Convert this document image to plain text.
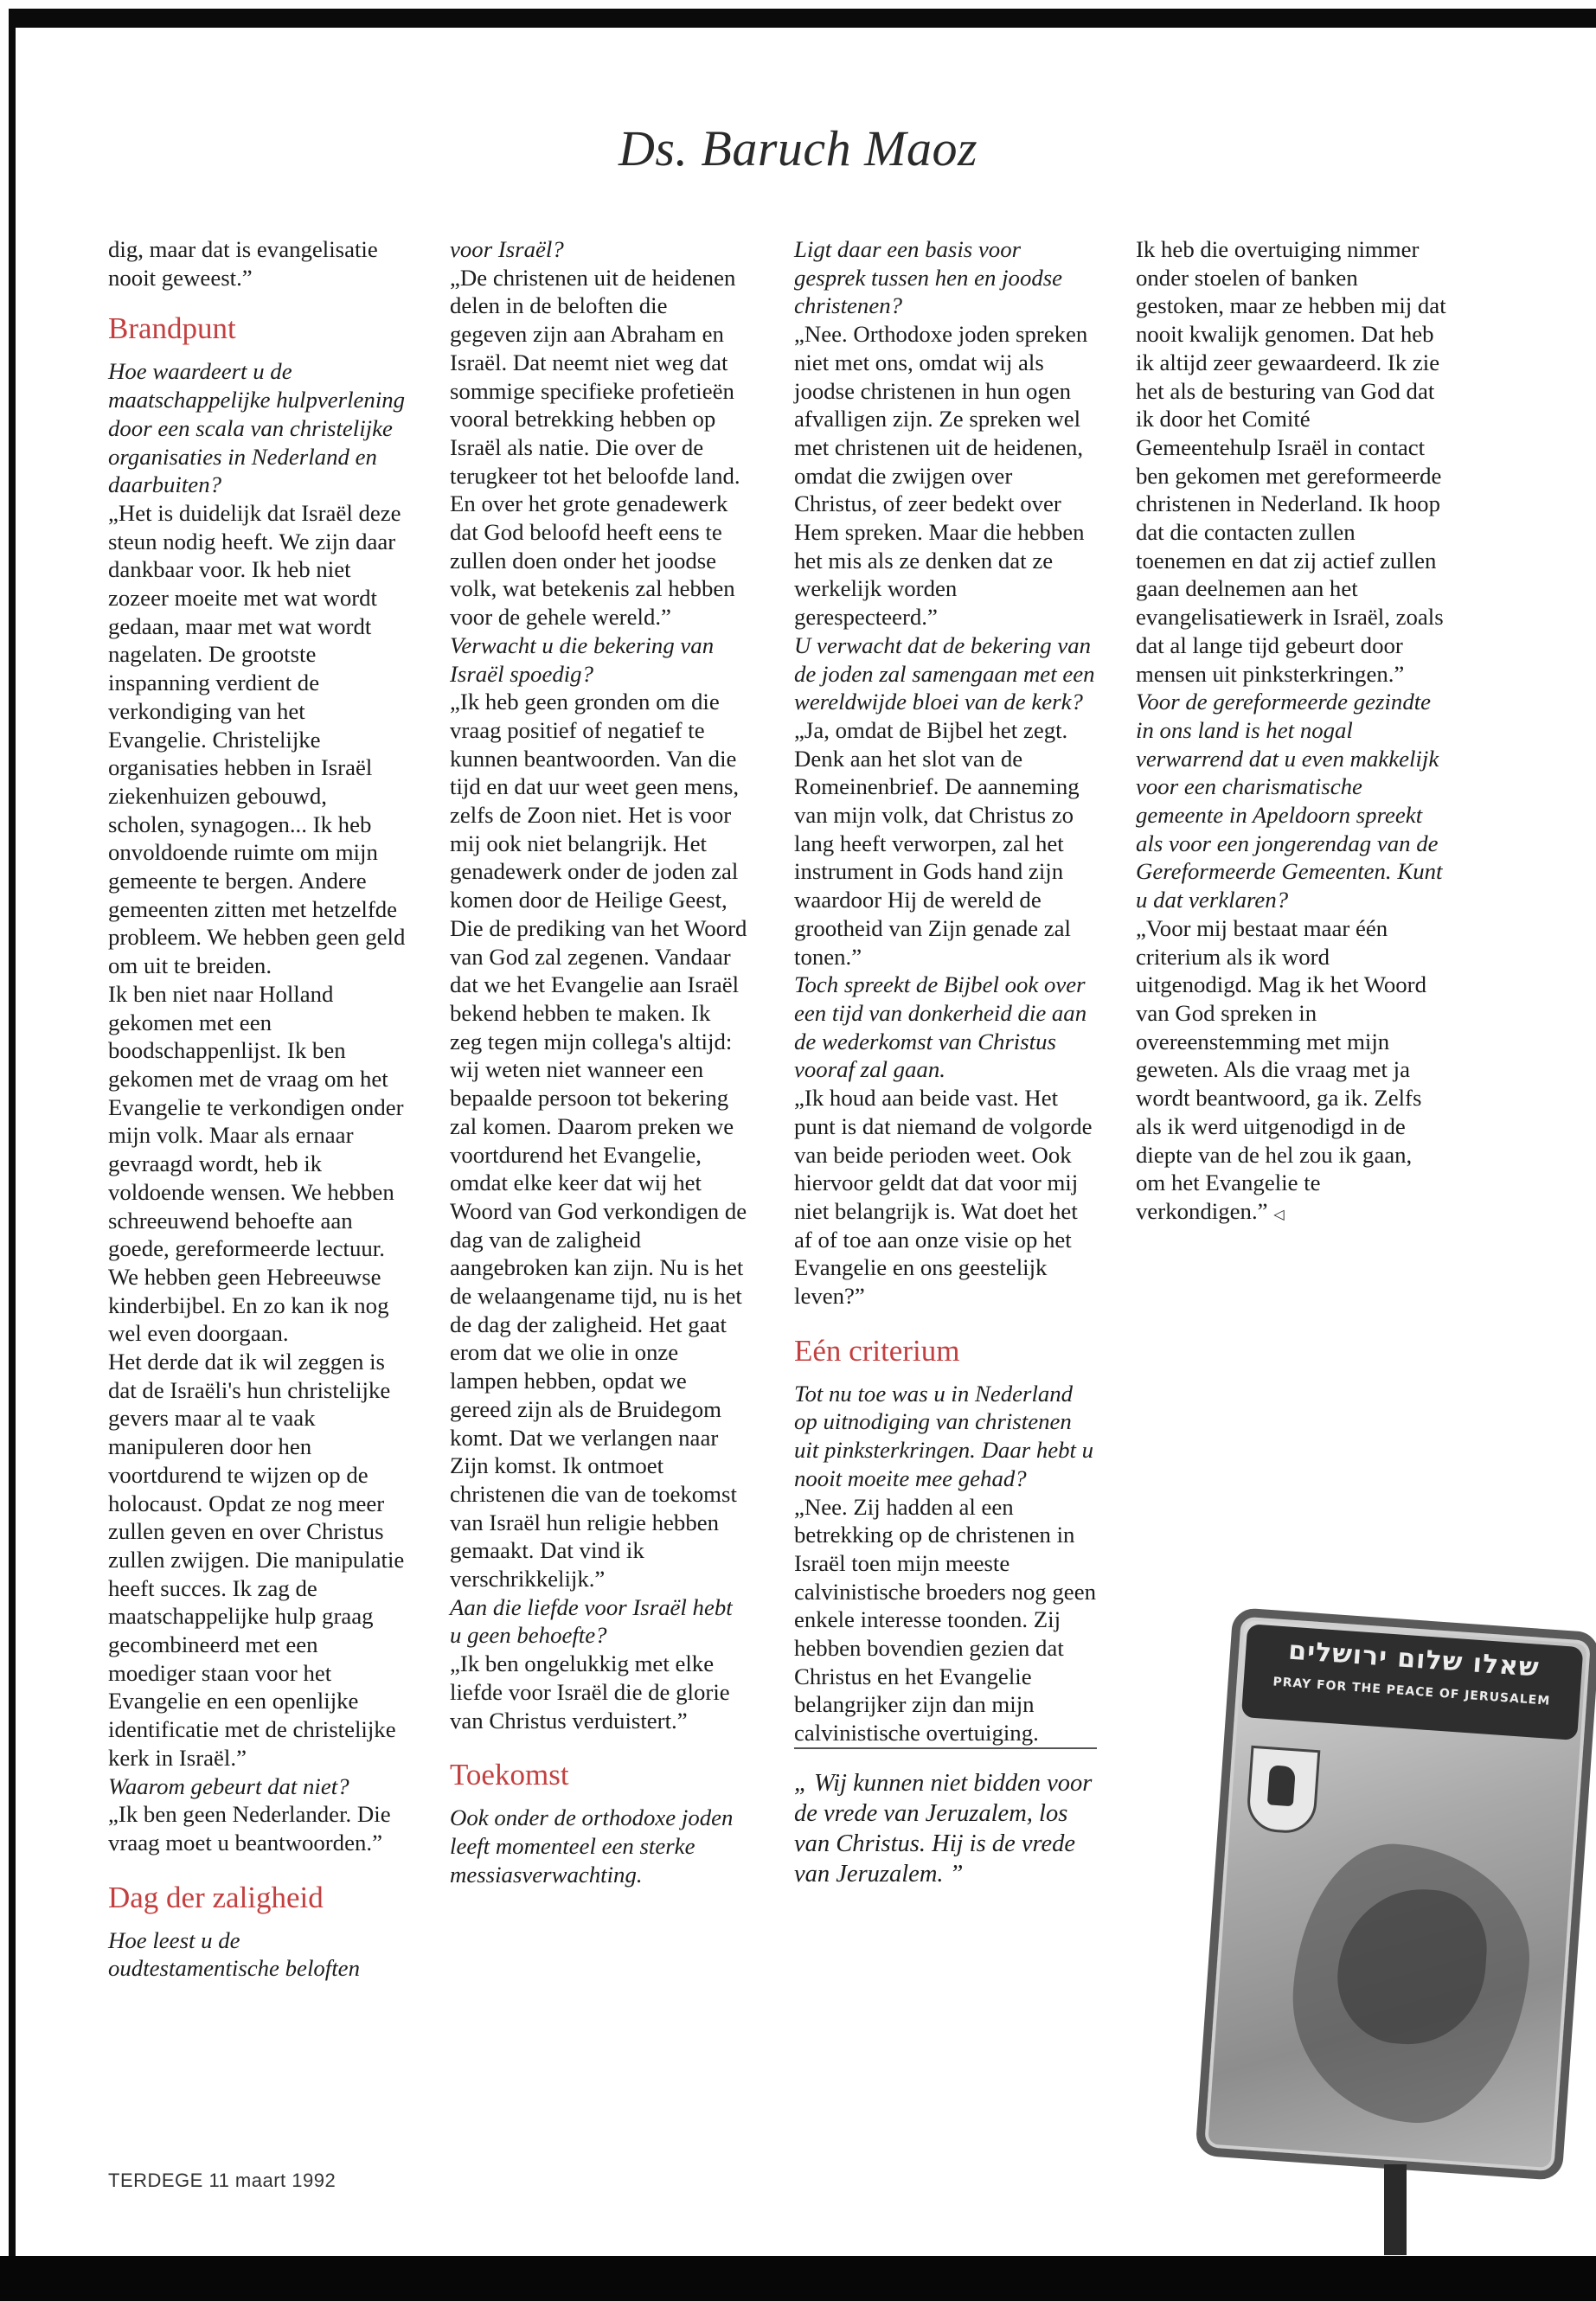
Ds. Baruch Maoz

dig, maar dat is evangelisatie nooit geweest.”

Brandpunt

Hoe waardeert u de maatschappelijke hulpverlening door een scala van christelijke organisaties in Nederland en daarbuiten?

„Het is duidelijk dat Israël deze steun nodig heeft. We zijn daar dankbaar voor. Ik heb niet zozeer moeite met wat wordt gedaan, maar met wat wordt nagelaten. De grootste inspanning verdient de verkondiging van het Evangelie. Christelijke organisaties hebben in Israël ziekenhuizen gebouwd, scholen, synagogen... Ik heb onvoldoende ruimte om mijn gemeente te bergen. Andere gemeenten zitten met hetzelfde probleem. We hebben geen geld om uit te breiden.

Ik ben niet naar Holland gekomen met een boodschappenlijst. Ik ben gekomen met de vraag om het Evangelie te verkondigen onder mijn volk. Maar als ernaar gevraagd wordt, heb ik voldoende wensen. We hebben schreeuwend behoefte aan goede, gereformeerde lectuur. We hebben geen Hebreeuwse kinderbijbel. En zo kan ik nog wel even doorgaan.

Het derde dat ik wil zeggen is dat de Israëli's hun christelijke gevers maar al te vaak manipuleren door hen voortdurend te wijzen op de holocaust. Opdat ze nog meer zullen geven en over Christus zullen zwijgen. Die manipulatie heeft succes. Ik zag de maatschappelijke hulp graag gecombineerd met een moediger staan voor het Evangelie en een openlijke identificatie met de christelijke kerk in Israël.”

Waarom gebeurt dat niet?

„Ik ben geen Nederlander. Die vraag moet u beantwoorden.”

Dag der zaligheid

Hoe leest u de oudtestamentische beloften

voor Israël?

„De christenen uit de heidenen delen in de beloften die gegeven zijn aan Abraham en Israël. Dat neemt niet weg dat sommige specifieke profetieën vooral betrekking hebben op Israël als natie. Die over de terugkeer tot het beloofde land. En over het grote genadewerk dat God beloofd heeft eens te zullen doen onder het joodse volk, wat betekenis zal hebben voor de gehele wereld.”

Verwacht u die bekering van Israël spoedig?

„Ik heb geen gronden om die vraag positief of negatief te kunnen beantwoorden. Van die tijd en dat uur weet geen mens, zelfs de Zoon niet. Het is voor mij ook niet belangrijk. Het genadewerk onder de joden zal komen door de Heilige Geest, Die de prediking van het Woord van God zal zegenen. Vandaar dat we het Evangelie aan Israël bekend hebben te maken. Ik zeg tegen mijn collega's altijd: wij weten niet wanneer een bepaalde persoon tot bekering zal komen. Daarom preken we voortdurend het Evangelie, omdat elke keer dat wij het Woord van God verkondigen de dag van de zaligheid aangebroken kan zijn. Nu is het de welaangename tijd, nu is het de dag der zaligheid. Het gaat erom dat we olie in onze lampen hebben, opdat we gereed zijn als de Bruidegom komt. Dat we verlangen naar Zijn komst. Ik ontmoet christenen die van de toekomst van Israël hun religie hebben gemaakt. Dat vind ik verschrikkelijk.”

Aan die liefde voor Israël hebt u geen behoefte?

„Ik ben ongelukkig met elke liefde voor Israël die de glorie van Christus verduistert.”

Toekomst

Ook onder de orthodoxe joden leeft momenteel een sterke messiasverwachting.

Ligt daar een basis voor gesprek tussen hen en joodse christenen?

„Nee. Orthodoxe joden spreken niet met ons, omdat wij als joodse christenen in hun ogen afvalligen zijn. Ze spreken wel met christenen uit de heidenen, omdat die zwijgen over Christus, of zeer bedekt over Hem spreken. Maar die hebben het mis als ze denken dat ze werkelijk worden gerespecteerd.”

U verwacht dat de bekering van de joden zal samengaan met een wereldwijde bloei van de kerk?

„Ja, omdat de Bijbel het zegt. Denk aan het slot van de Romeinenbrief. De aanneming van mijn volk, dat Christus zo lang heeft verworpen, zal het instrument in Gods hand zijn waardoor Hij de wereld de grootheid van Zijn genade zal tonen.”

Toch spreekt de Bijbel ook over een tijd van donkerheid die aan de wederkomst van Christus vooraf zal gaan.

„Ik houd aan beide vast. Het punt is dat niemand de volgorde van beide perioden weet. Ook hiervoor geldt dat dat voor mij niet belangrijk is. Wat doet het af of toe aan onze visie op het Evangelie en ons geestelijk leven?”

Eén criterium

Tot nu toe was u in Nederland op uitnodiging van christenen uit pinksterkringen. Daar hebt u nooit moeite mee gehad?

„Nee. Zij hadden al een betrekking op de christenen in Israël toen mijn meeste calvinistische broeders nog geen enkele interesse toonden. Zij hebben bovendien gezien dat Christus en het Evangelie belangrijker zijn dan mijn calvinistische overtuiging.

„ Wij kunnen niet bidden voor de vrede van Jeruzalem, los van Christus. Hij is de vrede van Jeruzalem. ”

Ik heb die overtuiging nimmer onder stoelen of banken gestoken, maar ze hebben mij dat nooit kwalijk genomen. Dat heb ik altijd zeer gewaardeerd. Ik zie het als de besturing van God dat ik door het Comité Gemeentehulp Israël in contact ben gekomen met gereformeerde christenen in Nederland. Ik hoop dat die contacten zullen toenemen en dat zij actief zullen gaan deelnemen aan het evangelisatiewerk in Israël, zoals dat al lange tijd gebeurt door mensen uit pinksterkringen.”

Voor de gereformeerde gezindte in ons land is het nogal verwarrend dat u even makkelijk voor een charismatische gemeente in Apeldoorn spreekt als voor een jongerendag van de Gereformeerde Gemeenten. Kunt u dat verklaren?

„Voor mij bestaat maar één criterium als ik word uitgenodigd. Mag ik het Woord van God spreken in overeenstemming met mijn geweten. Als die vraag met ja wordt beantwoord, ga ik. Zelfs als ik werd uitgenodigd in de diepte van de hel zou ik gaan, om het Evangelie te verkondigen.” ◁

שאלו שלום ירושלים
PRAY FOR THE PEACE OF JERUSALEM
TERDEGE 11 maart 1992
